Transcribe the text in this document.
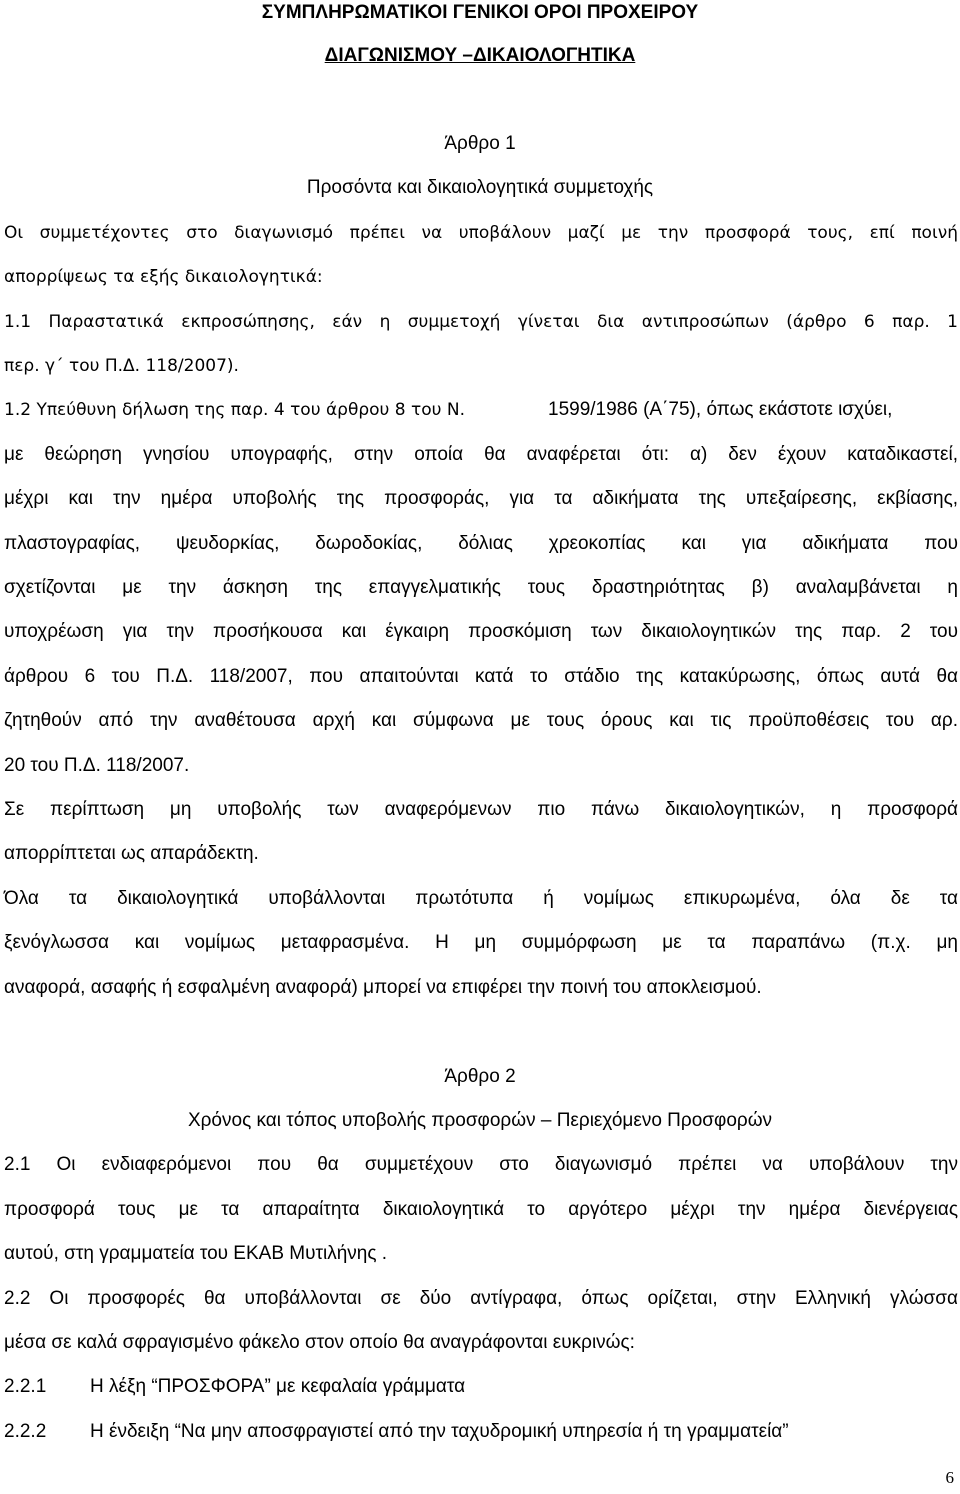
ΣΥΜΠΛΗΡΩΜΑΤΙΚΟΙ ΓΕΝΙΚΟΙ ΟΡΟΙ ΠΡΟΧΕΙΡΟΥ
ΔΙΑΓΩΝΙΣΜΟΥ –ΔΙΚΑΙΟΛΟΓΗΤΙΚΑ
Άρθρο 1
Προσόντα και δικαιολογητικά συμμετοχής
Οι συμμετέχοντες στο διαγωνισμό πρέπει να υποβάλουν μαζί με την προσφορά τους, επί ποινή
απορρίψεως τα εξής δικαιολογητικά:
1.1 Παραστατικά εκπροσώπησης, εάν η συμμετοχή γίνεται δια αντιπροσώπων (άρθρο 6 παρ. 1
περ. γ΄ του Π.Δ. 118/2007).
1.2 Υπεύθυνη δήλωση της παρ. 4 του άρθρου 8 του Ν.	1599/1986 (Α΄75), όπως εκάστοτε ισχύει,
με θεώρηση γνησίου υπογραφής, στην οποία θα αναφέρεται ότι: α) δεν έχουν καταδικαστεί,
μέχρι και την ημέρα υποβολής της προσφοράς, για τα αδικήματα της υπεξαίρεσης, εκβίασης,
πλαστογραφίας, ψευδορκίας, δωροδοκίας, δόλιας χρεοκοπίας και για αδικήματα που
σχετίζονται με την άσκηση της επαγγελματικής τους δραστηριότητας β) αναλαμβάνεται η
υποχρέωση για την προσήκουσα και έγκαιρη προσκόμιση των δικαιολογητικών της παρ. 2 του
άρθρου 6 του Π.Δ. 118/2007, που απαιτούνται κατά το στάδιο της κατακύρωσης, όπως αυτά θα
ζητηθούν από την αναθέτουσα αρχή και σύμφωνα με τους όρους και τις προϋποθέσεις του αρ.
20 του Π.Δ. 118/2007.
Σε περίπτωση μη υποβολής των αναφερόμενων πιο πάνω δικαιολογητικών, η προσφορά
απορρίπτεται ως απαράδεκτη.
Όλα τα δικαιολογητικά υποβάλλονται πρωτότυπα ή νομίμως επικυρωμένα, όλα δε τα
ξενόγλωσσα και νομίμως μεταφρασμένα. Η μη συμμόρφωση με τα παραπάνω (π.χ. μη
αναφορά, ασαφής ή εσφαλμένη αναφορά) μπορεί να επιφέρει την ποινή του αποκλεισμού.
Άρθρο 2
Χρόνος και τόπος υποβολής προσφορών – Περιεχόμενο Προσφορών
2.1 Οι ενδιαφερόμενοι που θα συμμετέχουν στο διαγωνισμό πρέπει να υποβάλουν την
προσφορά τους με τα απαραίτητα δικαιολογητικά το αργότερο μέχρι την ημέρα διενέργειας
αυτού, στη γραμματεία του ΕΚΑΒ Μυτιλήνης .
2.2 Οι προσφορές θα υποβάλλονται σε δύο αντίγραφα, όπως ορίζεται, στην Ελληνική γλώσσα
μέσα σε καλά σφραγισμένο φάκελο στον οποίο θα αναγράφονται ευκρινώς:
2.2.1 Η λέξη “ΠΡΟΣΦΟΡΑ” με κεφαλαία γράμματα
2.2.2 Η ένδειξη “Να μην αποσφραγιστεί από την ταχυδρομική υπηρεσία ή τη γραμματεία”
6
